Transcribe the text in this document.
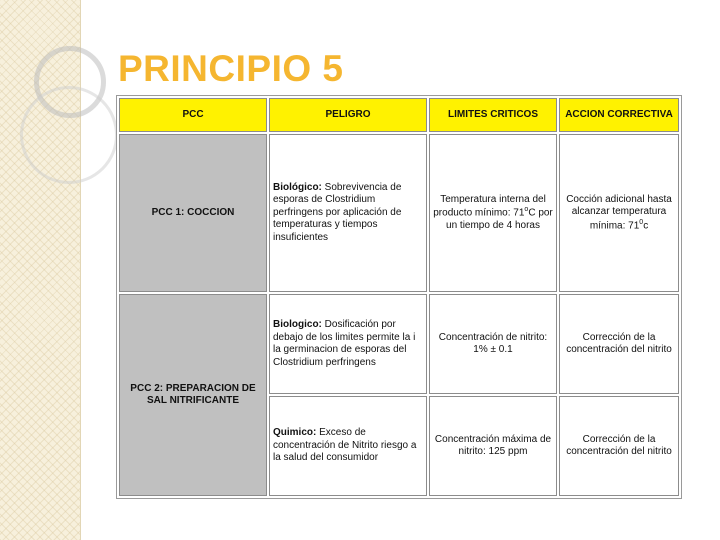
PRINCIPIO 5
PCC	PELIGRO	LIMITES CRITICOS	ACCION CORRECTIVA
PCC 1: COCCION	Biológico: Sobrevivencia de esporas de Clostridium perfringens por aplicación de temperaturas y tiempos insuficientes	Temperatura interna del producto mínimo: 71$^o$C por un tiempo de 4 horas	Cocción adicional hasta alcanzar temperatura mínima: $71^0c$
PCC 2: PREPARACION DE SAL NITRIFICANTE	Biologico: Dosificación por debajo de los limites permite la i la germinacion de esporas del Clostridium perfringens	Concentración de nitrito: 1% ± 0.1	Corrección de la concentración del nitrito
	Quimico: Exceso de concentración de Nitrito riesgo a la salud del consumidor	Concentración máxima de nitrito: 125 ppm	Corrección de la concentración del nitrito
